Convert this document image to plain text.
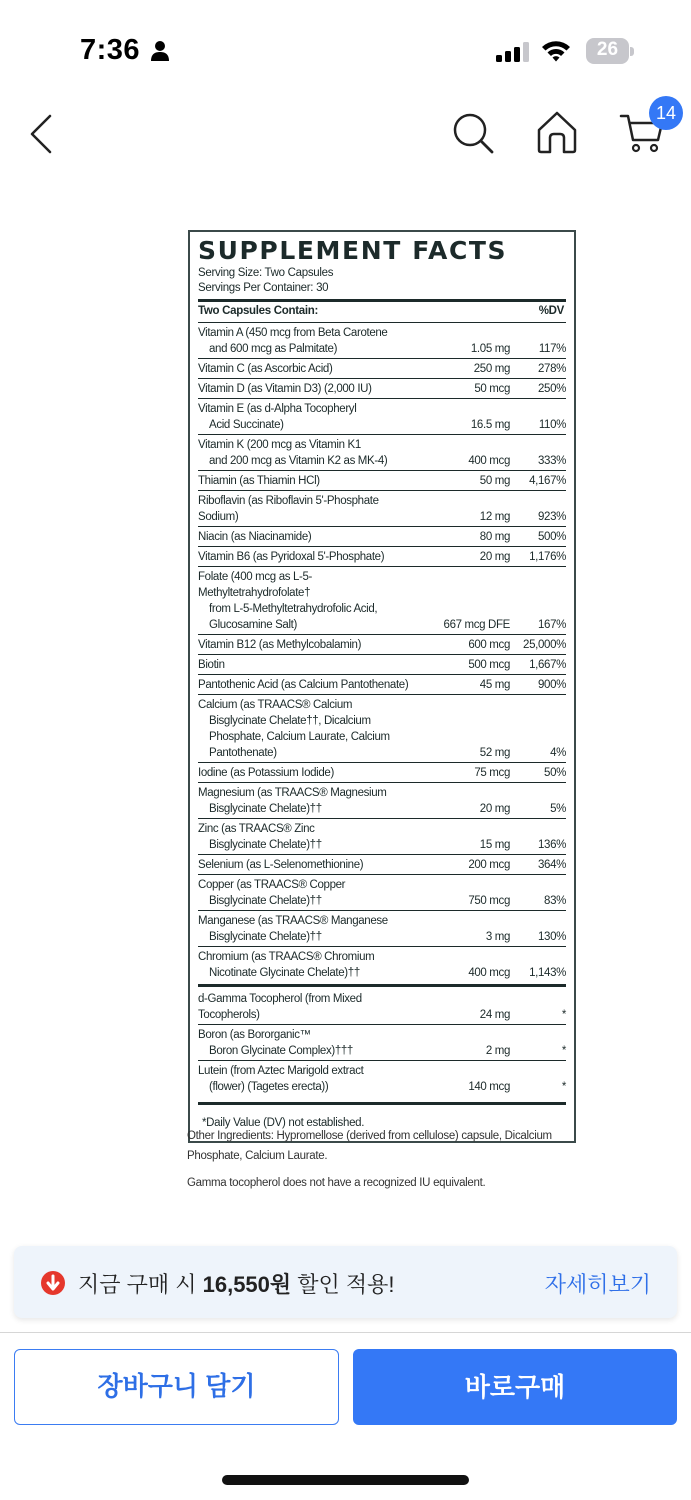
7:36	26
14
SUPPLEMENT FACTS
Serving Size: Two Capsules
Servings Per Container: 30
Two Capsules Contain:	%DV
Vitamin A (450 mcg from Beta Carotene
and 600 mcg as Palmitate)	1.05 mg	117%
Vitamin C (as Ascorbic Acid)	250 mg	278%
Vitamin D (as Vitamin D3) (2,000 IU)	50 mcg	250%
Vitamin E (as d-Alpha Tocopheryl
Acid Succinate)	16.5 mg	110%
Vitamin K (200 mcg as Vitamin K1
and 200 mcg as Vitamin K2 as MK-4)	400 mcg	333%
Thiamin (as Thiamin HCl)	50 mg	4,167%
Riboflavin (as Riboflavin 5'-Phosphate Sodium)	12 mg	923%
Niacin (as Niacinamide)	80 mg	500%
Vitamin B6 (as Pyridoxal 5'-Phosphate)	20 mg	1,176%
Folate (400 mcg as L-5-Methyltetrahydrofolate†
from L-5-Methyltetrahydrofolic Acid, Glucosamine Salt)	667 mcg DFE	167%
Vitamin B12 (as Methylcobalamin)	600 mcg	25,000%
Biotin	500 mcg	1,667%
Pantothenic Acid (as Calcium Pantothenate)	45 mg	900%
Calcium (as TRAACS® Calcium
Bisglycinate Chelate††, Dicalcium Phosphate, Calcium Laurate, Calcium Pantothenate)	52 mg	4%
Iodine (as Potassium Iodide)	75 mcg	50%
Magnesium (as TRAACS® Magnesium
Bisglycinate Chelate)††	20 mg	5%
Zinc (as TRAACS® Zinc
Bisglycinate Chelate)††	15 mg	136%
Selenium (as L-Selenomethionine)	200 mcg	364%
Copper (as TRAACS® Copper
Bisglycinate Chelate)††	750 mcg	83%
Manganese (as TRAACS® Manganese
Bisglycinate Chelate)††	3 mg	130%
Chromium (as TRAACS® Chromium
Nicotinate Glycinate Chelate)††	400 mcg	1,143%
d-Gamma Tocopherol (from Mixed Tocopherols)	24 mg	*
Boron (as Bororganic™
Boron Glycinate Complex)†††	2 mg	*
Lutein (from Aztec Marigold extract
(flower) (Tagetes erecta))	140 mcg	*
*Daily Value (DV) not established.
Other Ingredients: Hypromellose (derived from cellulose) capsule, Dicalcium Phosphate, Calcium Laurate.
Gamma tocopherol does not have a recognized IU equivalent.
지금 구매 시 16,550원 할인 적용!	자세히보기
장바구니 담기	바로구매
